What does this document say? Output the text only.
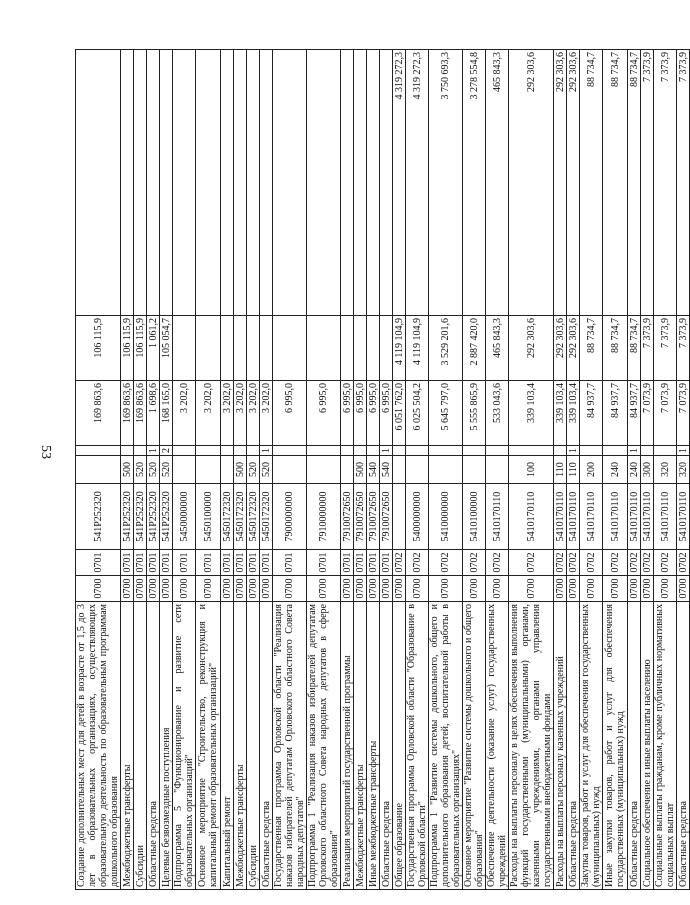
53
Создание дополнительных мест для детей в возрасте от 1,5 до 3 лет в образовательных организациях, осуществляющих образовательную деятельность по образовательным программам дошкольного образования	0700	0701	541P252320			169 863,6	106 115,9	
Межбюджетные трансферты	0700	0701	541P252320	500		169 863,6	106 115,9	
Субсидии	0700	0701	541P252320	520		169 863,6	106 115,9	
Областные средства	0700	0701	541P252320	520	1	1 698,6	1 061,2	
Целевые безвозмездные поступления	0700	0701	541P252320	520	2	168 165,0	105 054,7	
Подпрограмма 5 "Функционирование и развитие сети образовательных организаций"	0700	0701	5450000000			3 202,0		
Основное мероприятие "Строительство, реконструкция и капитальный ремонт образовательных организаций"	0700	0701	5450100000			3 202,0		
Капитальный ремонт	0700	0701	5450172320			3 202,0		
Межбюджетные трансферты	0700	0701	5450172320	500		3 202,0		
Субсидии	0700	0701	5450172320	520		3 202,0		
Областные средства	0700	0701	5450172320	520	1	3 202,0		
Государственная программа Орловской области "Реализация наказов избирателей депутатам Орловского областного Совета народных депутатов"	0700	0701	7900000000			6 995,0		
Подпрограмма 1 "Реализация наказов избирателей депутатам Орловского областного Совета народных депутатов в сфере образования"	0700	0701	7910000000			6 995,0		
Реализация мероприятий государственной программы	0700	0701	7910072650			6 995,0		
Межбюджетные трансферты	0700	0701	7910072650	500		6 995,0		
Иные межбюджетные трансферты	0700	0701	7910072650	540		6 995,0		
Областные средства	0700	0701	7910072650	540	1	6 995,0		
Общее образование	0700	0702				6 051 762,0	4 119 104,9	4 319 272,3
Государственная программа Орловской области "Образование в Орловской области"	0700	0702	5400000000			6 025 504,2	4 119 104,9	4 319 272,3
Подпрограмма 1 "Развитие системы дошкольного, общего и дополнительного образования детей, воспитательной работы в образовательных организациях"	0700	0702	5410000000			5 645 797,0	3 529 201,6	3 750 693,3
Основное мероприятие "Развитие системы дошкольного и общего образования"	0700	0702	5410100000			5 555 865,9	2 887 420,0	3 278 554,8
Обеспечение деятельности (оказание услуг) государственных учреждений	0700	0702	5410170110			533 043,6	465 843,3	465 843,3
Расходы на выплаты персоналу в целях обеспечения выполнения функций государственными (муниципальными) органами, казенными учреждениями, органами управления государственными внебюджетными фондами	0700	0702	5410170110	100		339 103,4	292 303,6	292 303,6
Расходы на выплаты персоналу казенных учреждений	0700	0702	5410170110	110		339 103,4	292 303,6	292 303,6
Областные средства	0700	0702	5410170110	110	1	339 103,4	292 303,6	292 303,6
Закупка товаров, работ и услуг для обеспечения государственных (муниципальных) нужд	0700	0702	5410170110	200		84 937,7	88 734,7	88 734,7
Иные закупки товаров, работ и услуг для обеспечения государственных (муниципальных) нужд	0700	0702	5410170110	240		84 937,7	88 734,7	88 734,7
Областные средства	0700	0702	5410170110	240	1	84 937,7	88 734,7	88 734,7
Социальное обеспечение и иные выплаты населению	0700	0702	5410170110	300		7 073,9	7 373,9	7 373,9
Социальные выплаты гражданам, кроме публичных нормативных социальных выплат	0700	0702	5410170110	320		7 073,9	7 373,9	7 373,9
Областные средства	0700	0702	5410170110	320	1	7 073,9	7 373,9	7 373,9
